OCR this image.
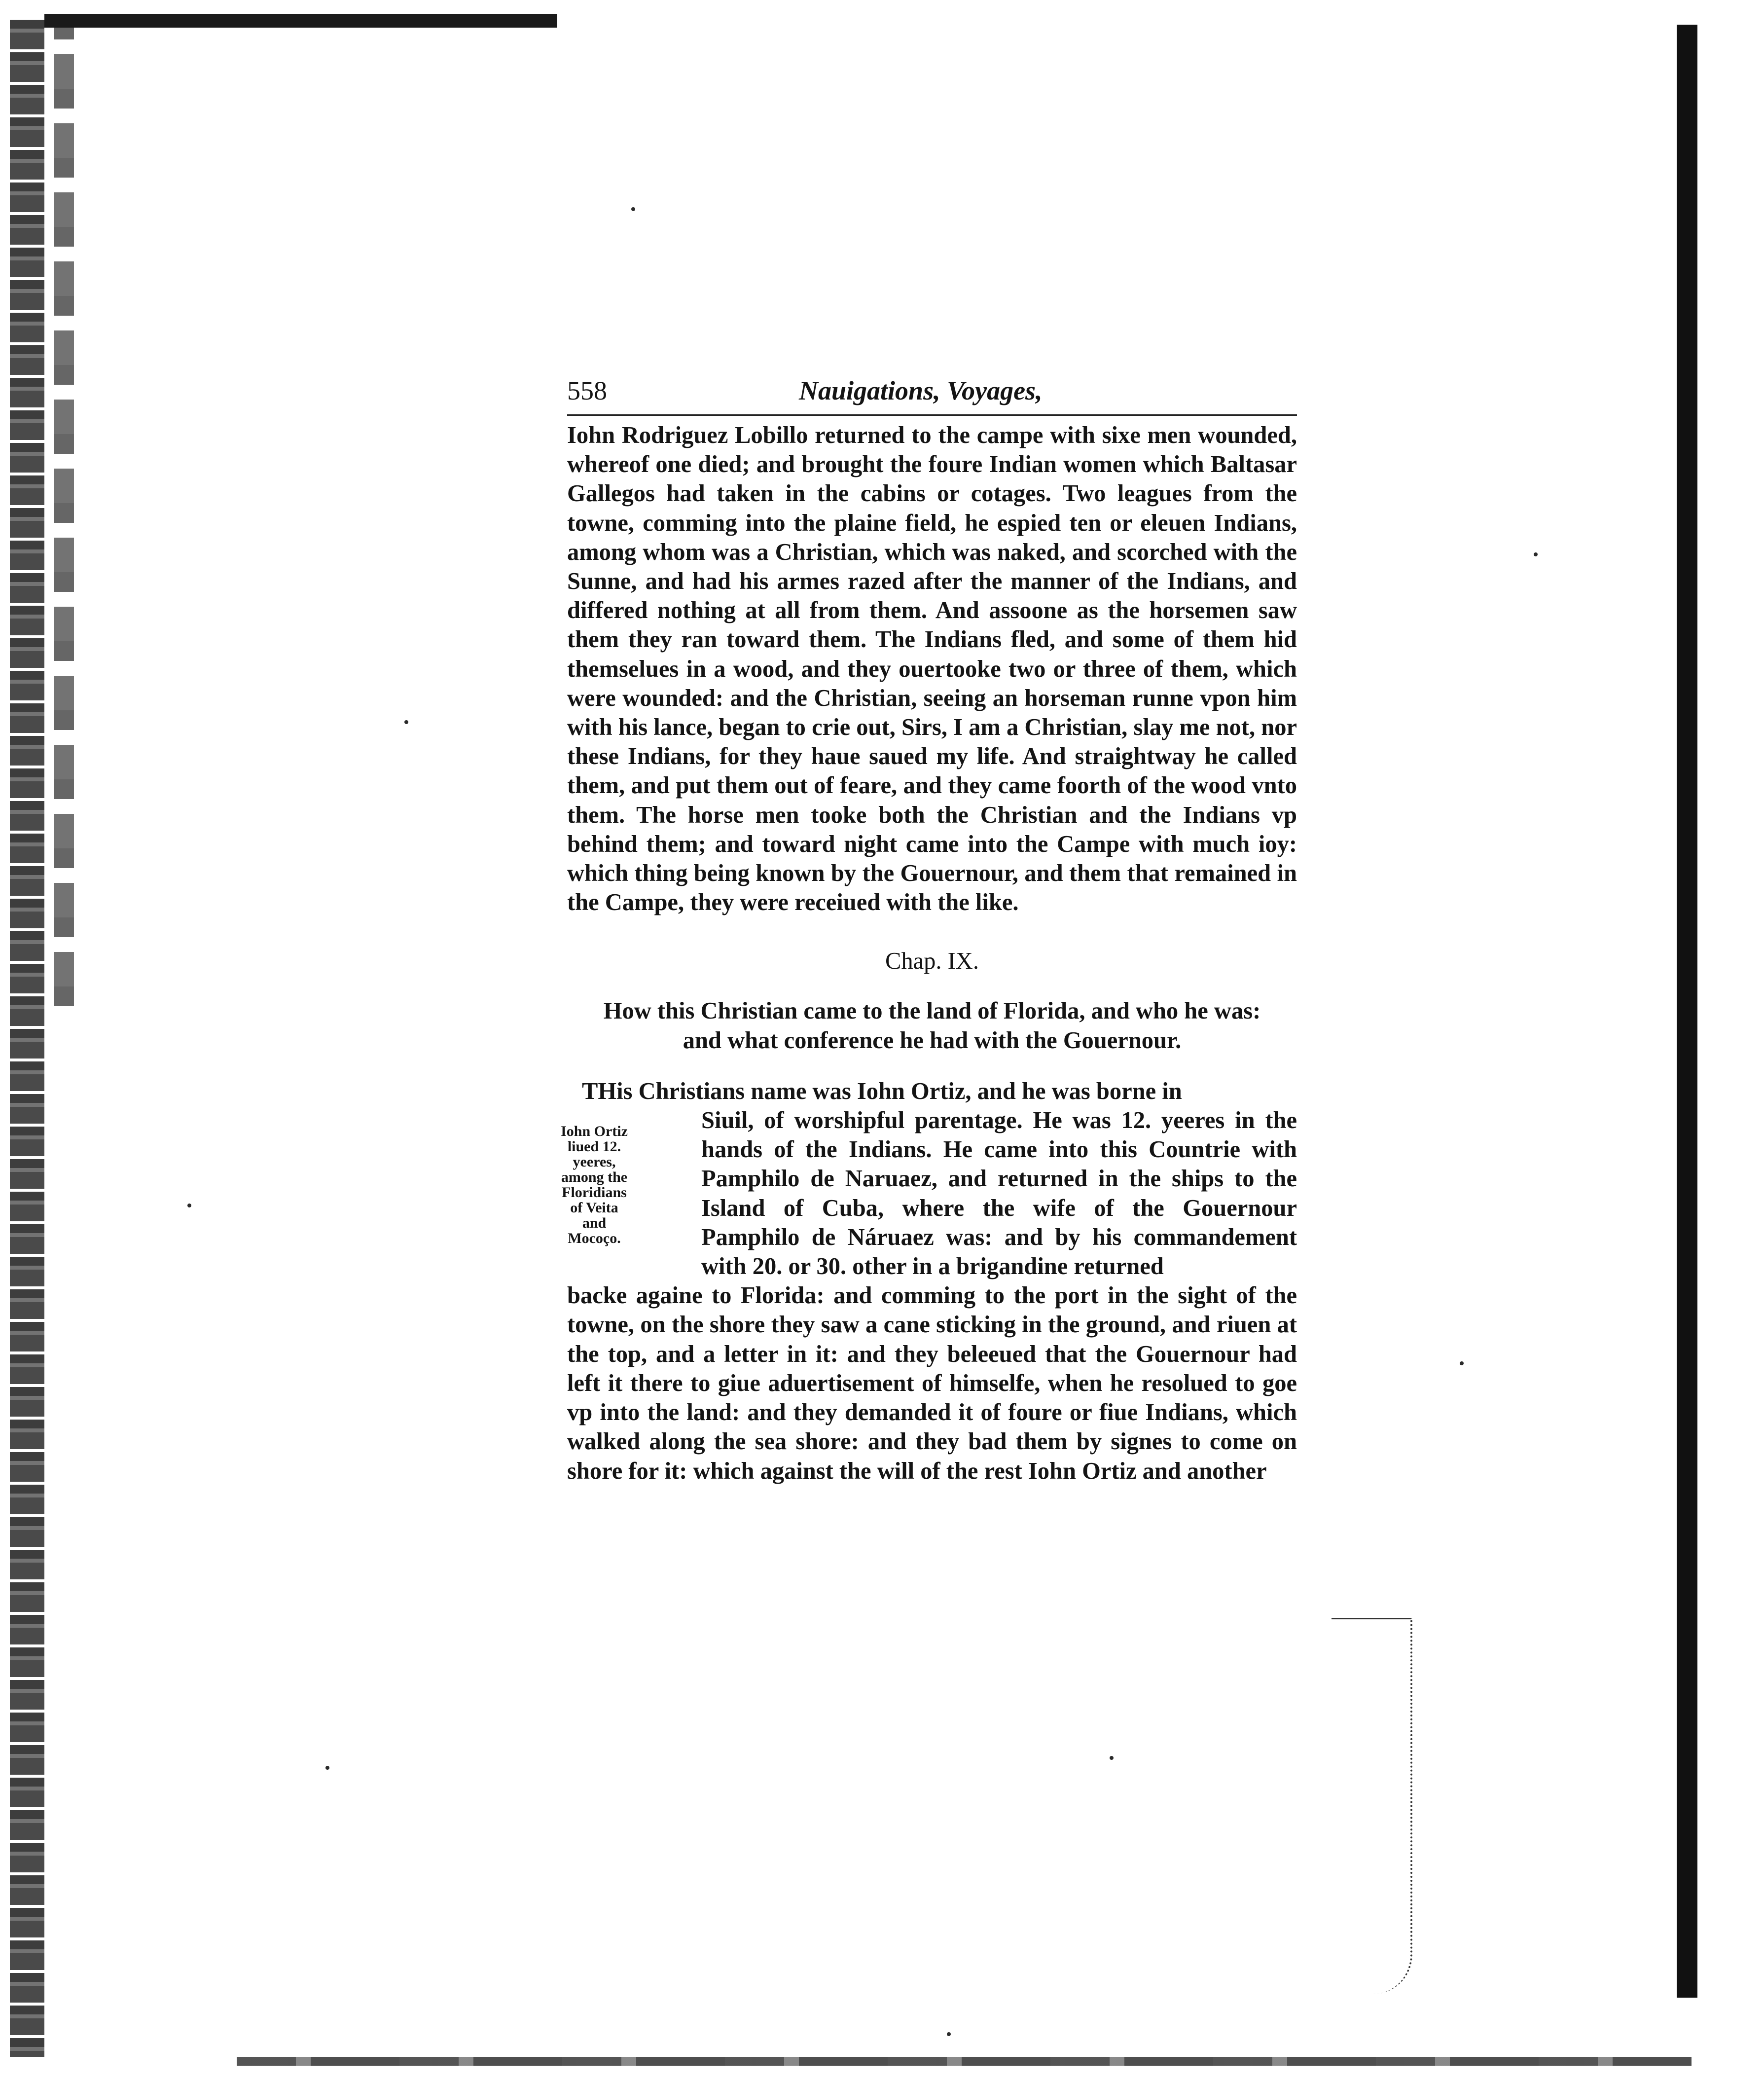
558	Nauigations, Voyages,

Iohn Rodriguez Lobillo returned to the campe with sixe men wounded, whereof one died; and brought the foure Indian women which Baltasar Gallegos had taken in the cabins or cotages. Two leagues from the towne, comming into the plaine field, he espied ten or eleuen Indians, among whom was a Christian, which was naked, and scorched with the Sunne, and had his armes razed after the manner of the Indians, and differed nothing at all from them. And assoone as the horsemen saw them they ran toward them. The Indians fled, and some of them hid themselues in a wood, and they ouertooke two or three of them, which were wounded: and the Christian, seeing an horseman runne vpon him with his lance, began to crie out, Sirs, I am a Christian, slay me not, nor these Indians, for they haue saued my life. And straightway he called them, and put them out of feare, and they came foorth of the wood vnto them. The horse men tooke both the Christian and the Indians vp behind them; and toward night came into the Campe with much ioy: which thing being known by the Gouernour, and them that remained in the Campe, they were receiued with the like.

Chap. IX.
How this Christian came to the land of Florida, and who he was: and what conference he had with the Gouernour.
Iohn Ortiz liued 12. yeeres, among the Floridians of Veita and Mocoço.

THis Christians name was Iohn Ortiz, and he was borne in
Siuil, of worshipful parentage. He was 12. yeeres in the hands of the Indians. He came into this Countrie with Pamphilo de Naruaez, and returned in the ships to the Island of Cuba, where the wife of the Gouernour Pamphilo de Náruaez was: and by his commandement with 20. or 30. other in a brigandine returned
backe againe to Florida: and comming to the port in the sight of the towne, on the shore they saw a cane sticking in the ground, and riuen at the top, and a letter in it: and they beleeued that the Gouernour had left it there to giue aduertisement of himselfe, when he resolued to goe vp into the land: and they demanded it of foure or fiue Indians, which walked along the sea shore: and they bad them by signes to come on shore for it: which against the will of the rest Iohn Ortiz and another
